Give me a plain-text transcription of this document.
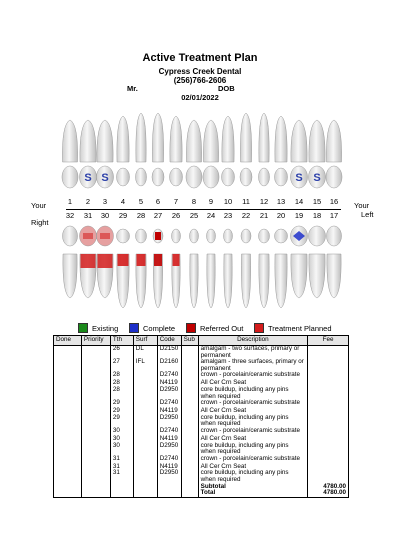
Active Treatment Plan
Cypress Creek Dental
(256)766-2606
Mr.	DOB
02/01/2022
Your
Right
Your
Left
S S	S S
1	2	3	4	5	6	7	8	9	10	11	12	13	14	15	16
32	31	30	29	28	27	26	25	24	23	22	21	20	19	18	17
Existing	Complete	Referred Out	Treatment Planned
Done	Priority	Tth	Surf	Code	Sub	Description	Fee
		26	DL	D2150		amalgam - two surfaces, primary or permanent	
		27	IFL	D2160		amalgam - three surfaces, primary or permanent	
		28		D2740		crown - porcelain/ceramic substrate	
		28		N4119		All Cer Crn Seat	
		28		D2950		core buildup, including any pins when required	
		29		D2740		crown - porcelain/ceramic substrate	
		29		N4119		All Cer Crn Seat	
		29		D2950		core buildup, including any pins when required	
		30		D2740		crown - porcelain/ceramic substrate	
		30		N4119		All Cer Crn Seat	
		30		D2950		core buildup, including any pins when required	
		31		D2740		crown - porcelain/ceramic substrate	
		31		N4119		All Cer Crn Seat	
		31		D2950		core buildup, including any pins when required	
						Subtotal	4780.00
						Total	4780.00
